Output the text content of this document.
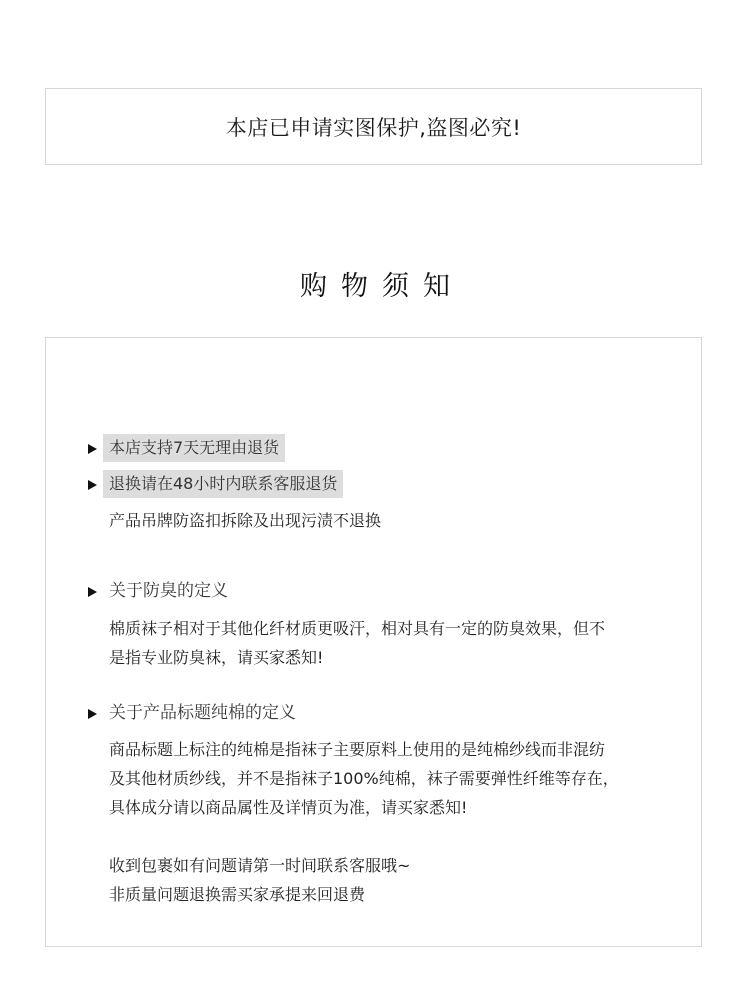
本店已申请实图保护,盗图必究!
购物须知
本店支持7天无理由退货
退换请在48小时内联系客服退货
产品吊牌防盗扣拆除及出现污渍不退换
关于防臭的定义
棉质袜子相对于其他化纤材质更吸汗，相对具有一定的防臭效果，但不
是指专业防臭袜，请买家悉知!
关于产品标题纯棉的定义
商品标题上标注的纯棉是指袜子主要原料上使用的是纯棉纱线而非混纺
及其他材质纱线，并不是指袜子100%纯棉，袜子需要弹性纤维等存在，
具体成分请以商品属性及详情页为准，请买家悉知!
收到包裹如有问题请第一时间联系客服哦~
非质量问题退换需买家承提来回退费
